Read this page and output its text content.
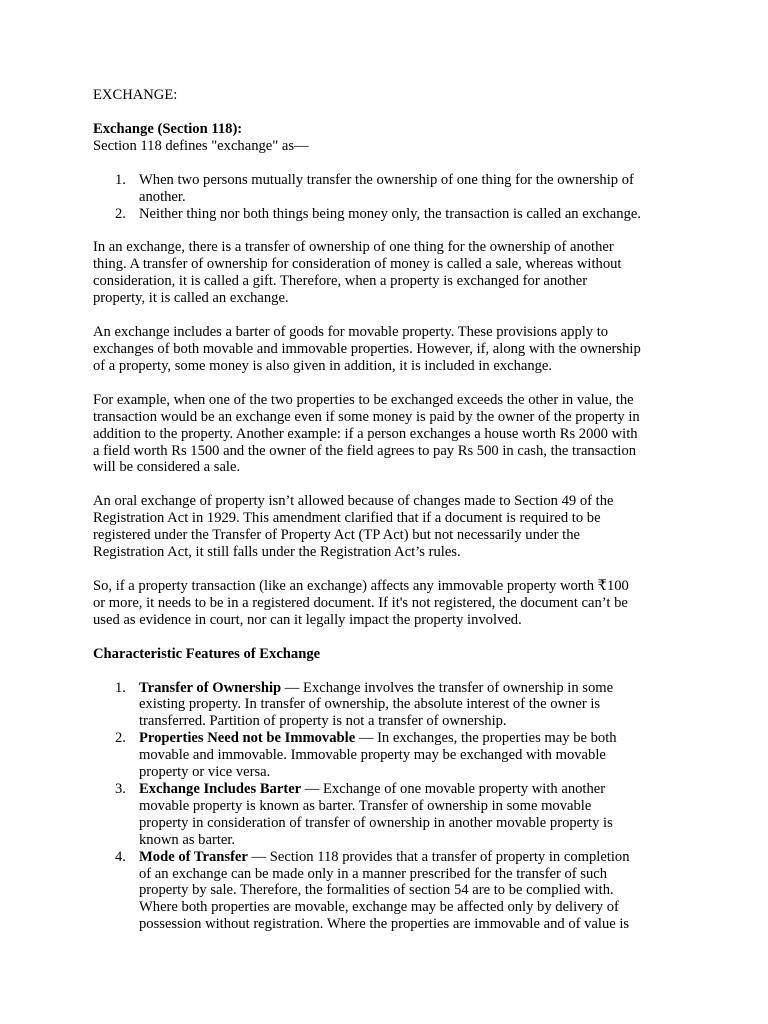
EXCHANGE:

Exchange (Section 118):

Section 118 defines "exchange" as—

1. When two persons mutually transfer the ownership of one thing for the ownership of

another.

2. Neither thing nor both things being money only, the transaction is called an exchange.

In an exchange, there is a transfer of ownership of one thing for the ownership of another

thing. A transfer of ownership for consideration of money is called a sale, whereas without

consideration, it is called a gift. Therefore, when a property is exchanged for another

property, it is called an exchange.

An exchange includes a barter of goods for movable property. These provisions apply to

exchanges of both movable and immovable properties. However, if, along with the ownership

of a property, some money is also given in addition, it is included in exchange.

For example, when one of the two properties to be exchanged exceeds the other in value, the

transaction would be an exchange even if some money is paid by the owner of the property in

addition to the property. Another example: if a person exchanges a house worth Rs 2000 with

a field worth Rs 1500 and the owner of the field agrees to pay Rs 500 in cash, the transaction

will be considered a sale.

An oral exchange of property isn’t allowed because of changes made to Section 49 of the

Registration Act in 1929. This amendment clarified that if a document is required to be

registered under the Transfer of Property Act (TP Act) but not necessarily under the

Registration Act, it still falls under the Registration Act’s rules.

So, if a property transaction (like an exchange) affects any immovable property worth ₹100

or more, it needs to be in a registered document. If it's not registered, the document can’t be

used as evidence in court, nor can it legally impact the property involved.

Characteristic Features of Exchange

1. Transfer of Ownership — Exchange involves the transfer of ownership in some

existing property. In transfer of ownership, the absolute interest of the owner is

transferred. Partition of property is not a transfer of ownership.

2. Properties Need not be Immovable — In exchanges, the properties may be both

movable and immovable. Immovable property may be exchanged with movable

property or vice versa.

3. Exchange Includes Barter — Exchange of one movable property with another

movable property is known as barter. Transfer of ownership in some movable

property in consideration of transfer of ownership in another movable property is

known as barter.

4. Mode of Transfer — Section 118 provides that a transfer of property in completion

of an exchange can be made only in a manner prescribed for the transfer of such

property by sale. Therefore, the formalities of section 54 are to be complied with.

Where both properties are movable, exchange may be affected only by delivery of

possession without registration. Where the properties are immovable and of value is
